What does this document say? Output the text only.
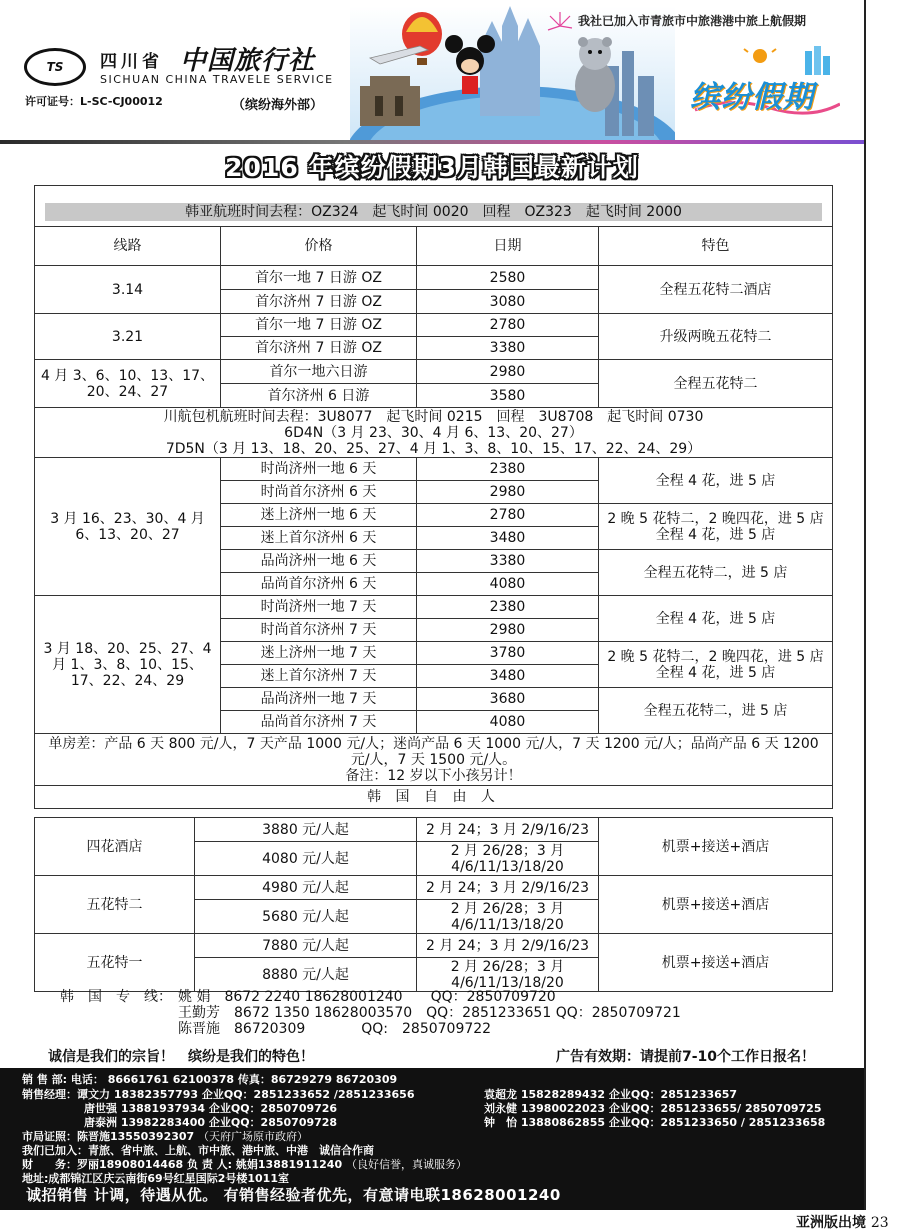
TS 四川省 中国旅行社
SICHUAN CHINA TRAVELE SERVICE
许可证号：L-SC-CJ00012	（缤纷海外部）
我社已加入市青旅市中旅港港中旅上航假期
缤纷假期
2016 年缤纷假期3月韩国最新计划
韩亚航班时间去程：OZ324　起飞时间 0020　回程　OZ323　起飞时间 2000			

线路	价格	日期	特色
3.14	首尔一地 7 日游 OZ	2580	全程五花特二酒店
	首尔济州 7 日游 OZ	3080	
3.21	首尔一地 7 日游 OZ	2780	升级两晚五花特二
	首尔济州 7 日游 OZ	3380	
4 月 3、6、10、13、17、20、24、27	首尔一地六日游	2980	全程五花特二
	首尔济州 6 日游	3580	

川航包机航班时间去程：3U8077　起飞时间 0215　回程　3U8708　起飞时间 0730
6D4N（3 月 23、30、4 月 6、13、20、27）
7D5N（3 月 13、18、20、25、27、4 月 1、3、8、10、15、17、22、24、29）			

3 月 16、23、30、4 月 6、13、20、27	时尚济州一地 6 天	2380	全程 4 花，进 5 店
	时尚首尔济州 6 天	2980	
	迷上济州一地 6 天	2780	2 晚 5 花特二，2 晚四花，进 5 店 全程 4 花，进 5 店
	迷上首尔济州 6 天	3480	
	品尚济州一地 6 天	3380	全程五花特二，进 5 店
	品尚首尔济州 6 天	4080	
3 月 18、20、25、27、4 月 1、3、8、10、15、17、22、24、29	时尚济州一地 7 天	2380	全程 4 花，进 5 店
	时尚首尔济州 7 天	2980	
	迷上济州一地 7 天	3780	2 晚 5 花特二，2 晚四花，进 5 店 全程 4 花，进 5 店
	迷上首尔济州 7 天	3480	
	品尚济州一地 7 天	3680	全程五花特二，进 5 店
	品尚首尔济州 7 天	4080	

单房差：产品 6 天 800 元/人，7 天产品 1000 元/人；迷尚产品 6 天 1000 元/人，7 天 1200 元/人；品尚产品 6 天 1200 元/人，7 天 1500 元/人。
备注：12 岁以下小孩另计！			

韩 国 自 由 人			
四花酒店	3880 元/人起	2 月 24；3 月 2/9/16/23	机票+接送+酒店
	4080 元/人起	2 月 26/28；3 月 4/6/11/13/18/20	
五花特二	4980 元/人起	2 月 24；3 月 2/9/16/23	机票+接送+酒店
	5680 元/人起	2 月 26/28；3 月 4/6/11/13/18/20	
五花特一	7880 元/人起	2 月 24；3 月 2/9/16/23	机票+接送+酒店
	8880 元/人起	2 月 26/28；3 月 4/6/11/13/18/20	
韩　国　专　线： 姚 娟　8672 2240 18628001240　　QQ：2850709720
王勤芳　8672 1350 18628003570　QQ：2851233651 QQ：2850709721
陈晋施　86720309　　　　QQ:　2850709722
诚信是我们的宗旨！　缤纷是我们的特色！	广告有效期：请提前7-10个工作日报名！
销 售 部: 电话： 86661761 62100378 传真：86729279 86720309
销售经理：谭文力 18382357793 企业QQ：2851233652 /2851233656
唐世强 13881937934 企业QQ：2850709726
唐泰洲 13982283400 企业QQ：2850709728
袁超龙 15828289432 企业QQ：2851233657
刘永健 13980022023 企业QQ：2851233655/ 2850709725
钟　怡 13880862855 企业QQ：2851233650 / 2851233658
市局证照：陈晋施13550392307 （天府广场原市政府）
我们已加入：青旅、省中旅、上航、市中旅、港中旅、中港　诚信合作商
财　　务：罗丽18908014468 负 责 人: 姚娟13881911240 （良好信誉，真诚服务）
地址:成都锦江区庆云南街69号红星国际2号楼1011室
诚招销售 计调，待遇从优。 有销售经验者优先，有意请电联18628001240
亚洲版出境 23
